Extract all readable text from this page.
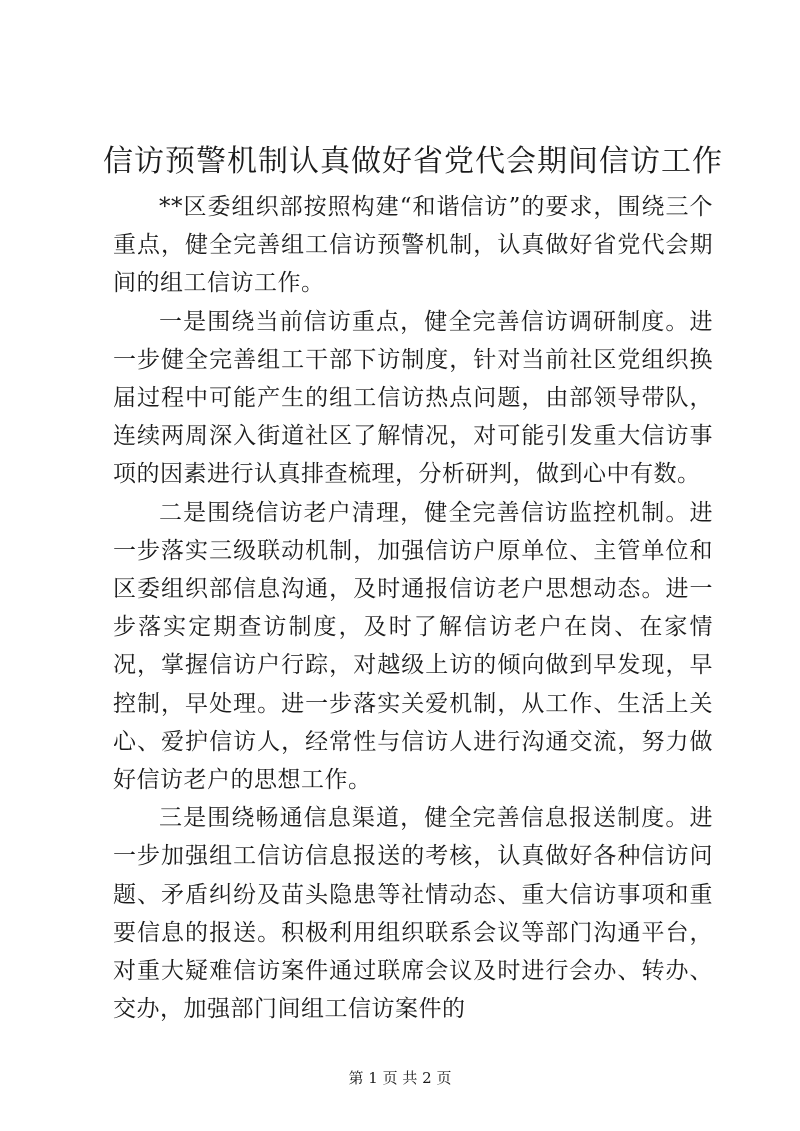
信访预警机制认真做好省党代会期间信访工作

**区委组织部按照构建“和谐信访”的要求，围绕三个重点，健全完善组工信访预警机制，认真做好省党代会期间的组工信访工作。

一是围绕当前信访重点，健全完善信访调研制度。进一步健全完善组工干部下访制度，针对当前社区党组织换届过程中可能产生的组工信访热点问题，由部领导带队，连续两周深入街道社区了解情况，对可能引发重大信访事项的因素进行认真排查梳理，分析研判，做到心中有数。

二是围绕信访老户清理，健全完善信访监控机制。进一步落实三级联动机制，加强信访户原单位、主管单位和区委组织部信息沟通，及时通报信访老户思想动态。进一步落实定期查访制度，及时了解信访老户在岗、在家情况，掌握信访户行踪，对越级上访的倾向做到早发现，早控制，早处理。进一步落实关爱机制，从工作、生活上关心、爱护信访人，经常性与信访人进行沟通交流，努力做好信访老户的思想工作。

三是围绕畅通信息渠道，健全完善信息报送制度。进一步加强组工信访信息报送的考核，认真做好各种信访问题、矛盾纠纷及苗头隐患等社情动态、重大信访事项和重要信息的报送。积极利用组织联系会议等部门沟通平台，对重大疑难信访案件通过联席会议及时进行会办、转办、交办，加强部门间组工信访案件的

第 1 页 共 2 页
